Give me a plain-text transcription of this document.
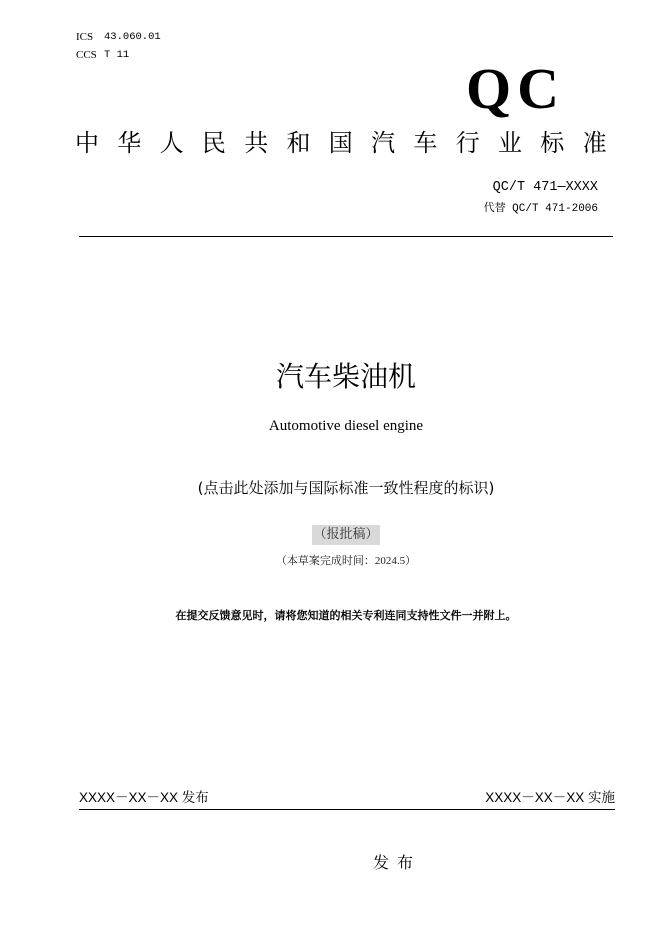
ICS 43.060.01
CCS T 11
QC
中华人民共和国汽车行业标准
QC/T 471—XXXX
代替 QC/T 471-2006
汽车柴油机
Automotive diesel engine
(点击此处添加与国际标准一致性程度的标识)
（报批稿）
（本草案完成时间：2024.5）
在提交反馈意见时，请将您知道的相关专利连同支持性文件一并附上。
XXXX－XX－XX 发布	XXXX－XX－XX 实施
发布
